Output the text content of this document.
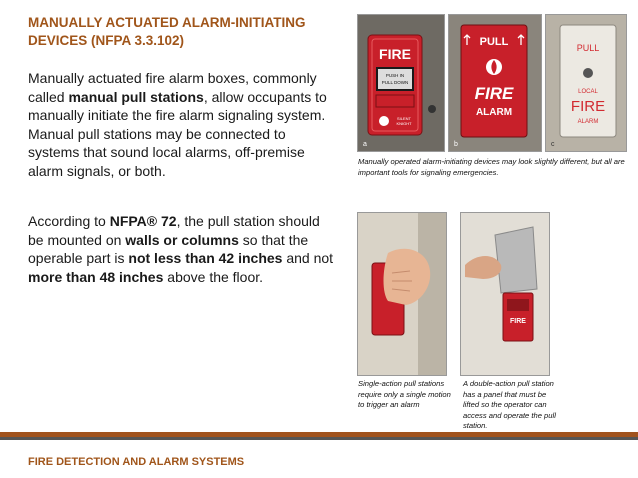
MANUALLY ACTUATED ALARM-INITIATING DEVICES (NFPA 3.3.102)
Manually actuated fire alarm boxes, commonly called manual pull stations, allow occupants to manually initiate the fire alarm signaling system. Manual pull stations may be connected to systems that sound local alarms, off-premise alarm signals, or both.
According to NFPA® 72, the pull station should be mounted on walls or columns so that the operable part is not less than 42 inches and not more than 48 inches above the floor.
FIRE
PUSH IN
PULL DOWN
SILENT
KNIGHT
a
PULL
FIRE
ALARM
b
PULL
LOCAL
FIRE
ALARM
c
Manually operated alarm-initiating devices may look slightly different, but all are important tools for signaling emergencies.
FIRE
Single-action pull stations require only a single motion to trigger an alarm
A double-action pull station has a panel that must be lifted so the operator can access and operate the pull station.
FIRE DETECTION AND ALARM SYSTEMS
